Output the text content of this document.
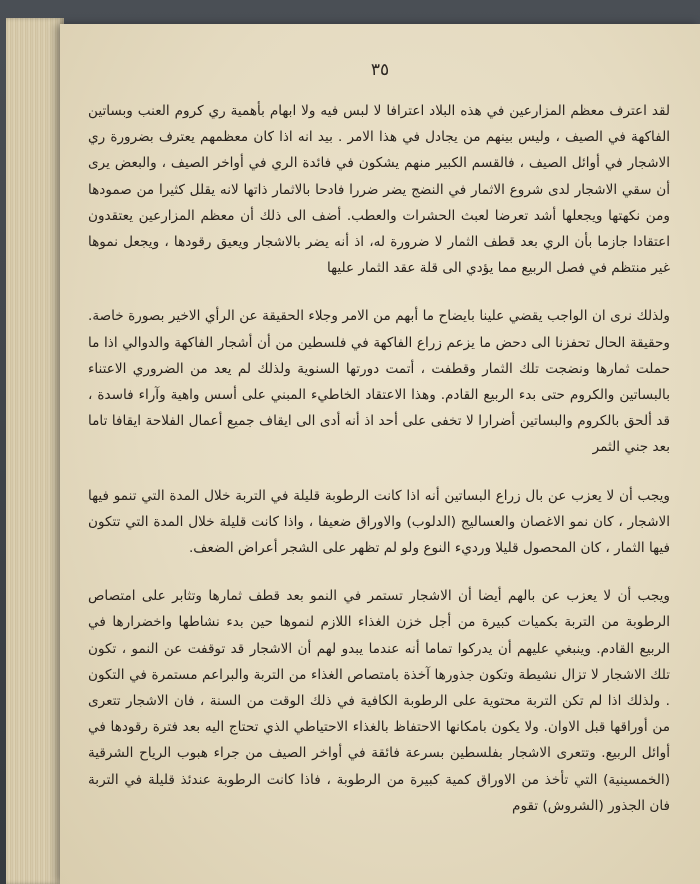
٣٥

لقد اعترف معظم المزارعين في هذه البلاد اعترافا لا لبس فيه ولا ابهام بأهمية ري كروم العنب وبساتين الفاكهة في الصيف ، وليس بينهم من يجادل في هذا الامر . بيد انه اذا كان معظمهم يعترف بضرورة ري الاشجار في أوائل الصيف ، فالقسم الكبير منهم يشكون في فائدة الري في أواخر الصيف ، والبعض يرى أن سقي الاشجار لدى شروع الاثمار في النضج يضر ضررا فادحا بالاثمار ذاتها لانه يقلل كثيرا من صمودها ومن نكهتها ويجعلها أشد تعرضا لعبث الحشرات والعطب. أضف الى ذلك أن معظم المزارعين يعتقدون اعتقادا جازما بأن الري بعد قطف الثمار لا ضرورة له، اذ أنه يضر بالاشجار ويعيق رقودها ، ويجعل نموها غير منتظم في فصل الربيع مما يؤدي الى قلة عقد الثمار عليها

ولذلك نرى ان الواجب يقضي علينا بايضاح ما أبهم من الامر وجلاء الحقيقة عن الرأي الاخير بصورة خاصة. وحقيقة الحال تحفزنا الى دحض ما يزعم زراع الفاكهة في فلسطين من أن أشجار الفاكهة والدوالي اذا ما حملت ثمارها ونضجت تلك الثمار وقطفت ، أتمت دورتها السنوية ولذلك لم يعد من الضروري الاعتناء بالبساتين والكروم حتى بدء الربيع القادم. وهذا الاعتقاد الخاطيء المبني على أسس واهية وآراء فاسدة ، قد ألحق بالكروم والبساتين أضرارا لا تخفى على أحد اذ أنه أدى الى ايقاف جميع أعمال الفلاحة ايقافا تاما بعد جني الثمر

ويجب أن لا يعزب عن بال زراع البساتين أنه اذا كانت الرطوبة قليلة في التربة خلال المدة التي تنمو فيها الاشجار ، كان نمو الاغصان والعساليج (الدلوب) والاوراق ضعيفا ، واذا كانت قليلة خلال المدة التي تتكون فيها الثمار ، كان المحصول قليلا ورديء النوع ولو لم تظهر على الشجر أعراض الضعف.

ويجب أن لا يعزب عن بالهم أيضا أن الاشجار تستمر في النمو بعد قطف ثمارها وتثابر على امتصاص الرطوبة من التربة بكميات كبيرة من أجل خزن الغذاء اللازم لنموها حين بدء نشاطها واخضرارها في الربيع القادم. وينبغي عليهم أن يدركوا تماما أنه عندما يبدو لهم أن الاشجار قد توقفت عن النمو ، تكون تلك الاشجار لا تزال نشيطة وتكون جذورها آخذة بامتصاص الغذاء من التربة والبراعم مستمرة في التكون . ولذلك اذا لم تكن التربة محتوية على الرطوبة الكافية في ذلك الوقت من السنة ، فان الاشجار تتعرى من أوراقها قبل الاوان. ولا يكون بامكانها الاحتفاظ بالغذاء الاحتياطي الذي تحتاج اليه بعد فترة رقودها في أوائل الربيع. وتتعرى الاشجار بفلسطين بسرعة فائقة في أواخر الصيف من جراء هبوب الرياح الشرقية (الخمسينية) التي تأخذ من الاوراق كمية كبيرة من الرطوبة ، فاذا كانت الرطوبة عندئذ قليلة في التربة فان الجذور (الشروش) تقوم
